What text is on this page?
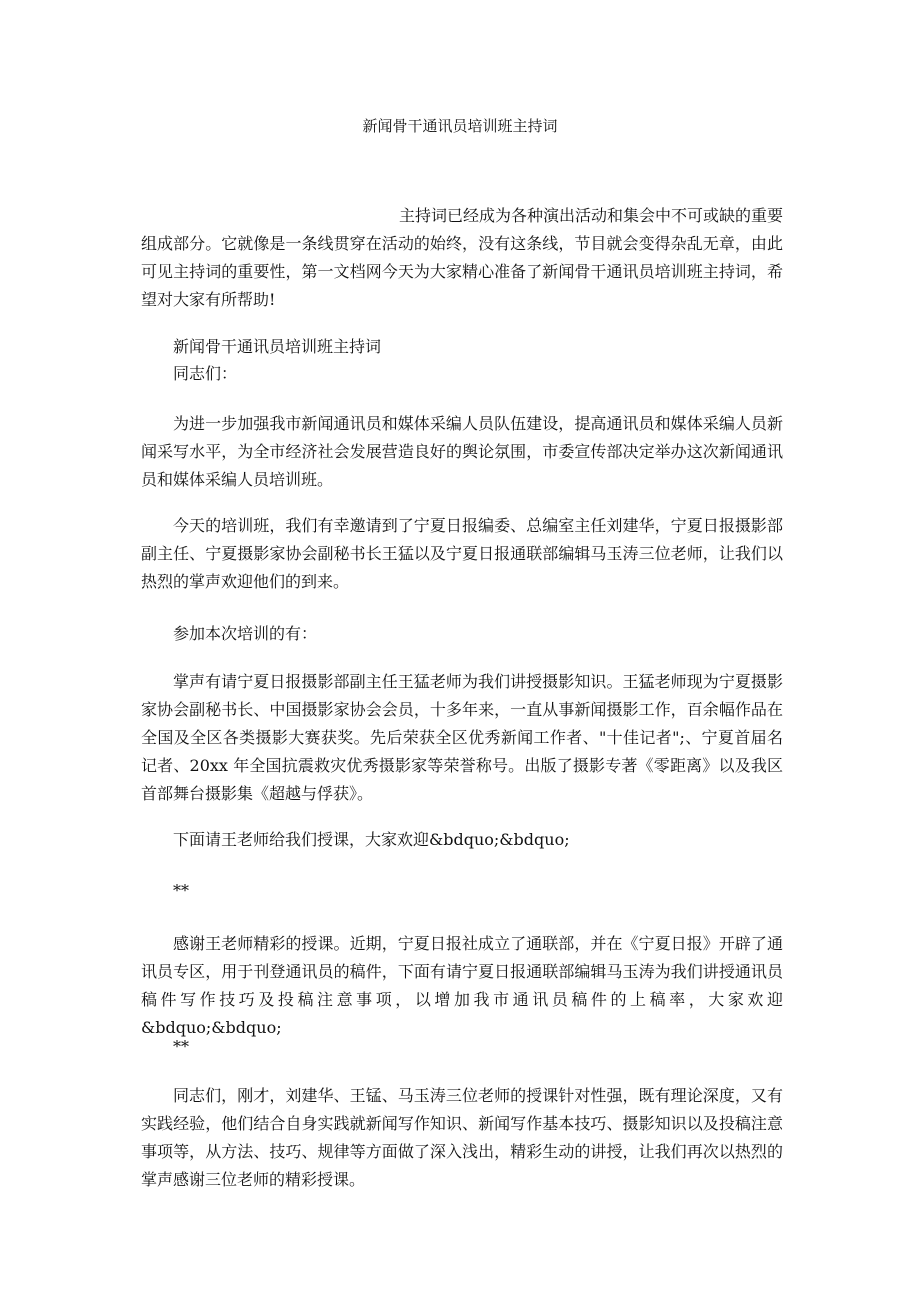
新闻骨干通讯员培训班主持词

主持词已经成为各种演出活动和集会中不可或缺的重要组成部分。它就像是一条线贯穿在活动的始终，没有这条线，节目就会变得杂乱无章，由此可见主持词的重要性，第一文档网今天为大家精心准备了新闻骨干通讯员培训班主持词，希望对大家有所帮助!

新闻骨干通讯员培训班主持词

同志们：

为进一步加强我市新闻通讯员和媒体采编人员队伍建设，提高通讯员和媒体采编人员新闻采写水平，为全市经济社会发展营造良好的舆论氛围，市委宣传部决定举办这次新闻通讯员和媒体采编人员培训班。

今天的培训班，我们有幸邀请到了宁夏日报编委、总编室主任刘建华，宁夏日报摄影部副主任、宁夏摄影家协会副秘书长王猛以及宁夏日报通联部编辑马玉涛三位老师，让我们以热烈的掌声欢迎他们的到来。

参加本次培训的有：

掌声有请宁夏日报摄影部副主任王猛老师为我们讲授摄影知识。王猛老师现为宁夏摄影家协会副秘书长、中国摄影家协会会员，十多年来，一直从事新闻摄影工作，百余幅作品在全国及全区各类摄影大赛获奖。先后荣获全区优秀新闻工作者、"十佳记者";、宁夏首届名记者、20xx 年全国抗震救灾优秀摄影家等荣誉称号。出版了摄影专著《零距离》以及我区首部舞台摄影集《超越与俘获》。

下面请王老师给我们授课，大家欢迎&bdquo;&bdquo;

**

感谢王老师精彩的授课。近期，宁夏日报社成立了通联部，并在《宁夏日报》开辟了通讯员专区，用于刊登通讯员的稿件，下面有请宁夏日报通联部编辑马玉涛为我们讲授通讯员稿件写作技巧及投稿注意事项，以增加我市通讯员稿件的上稿率，大家欢迎&bdquo;&bdquo;

**

同志们，刚才，刘建华、王锰、马玉涛三位老师的授课针对性强，既有理论深度，又有实践经验，他们结合自身实践就新闻写作知识、新闻写作基本技巧、摄影知识以及投稿注意事项等，从方法、技巧、规律等方面做了深入浅出，精彩生动的讲授，让我们再次以热烈的掌声感谢三位老师的精彩授课。
